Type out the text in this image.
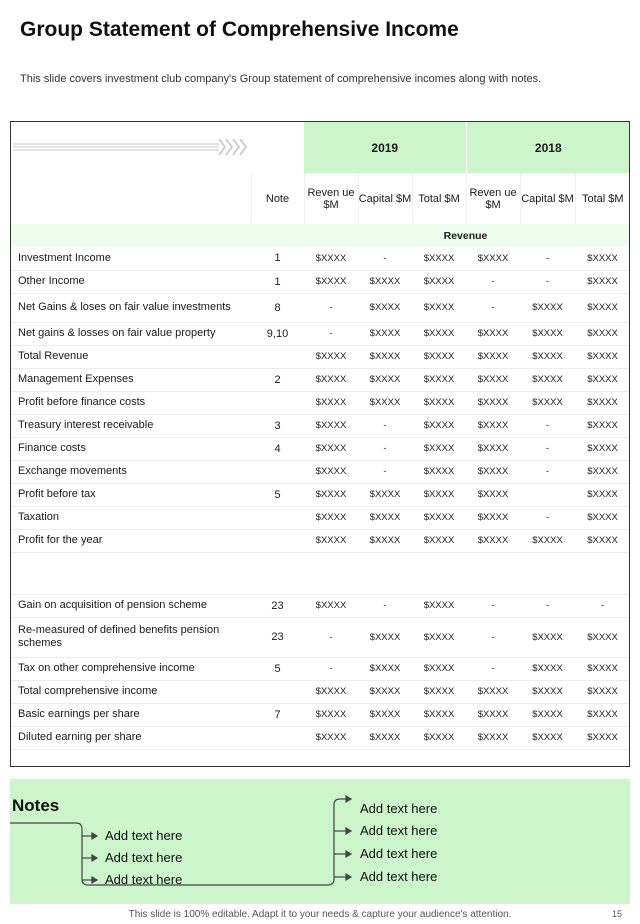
Group Statement of Comprehensive Income

This slide covers investment club company's Group statement of comprehensive incomes along with notes.

	2019			2018		
	Note	Reven ue $M	Capital $M	Total $M	Reven ue $M	Capital $M	Total $M
Revenue							
Investment Income	1	$XXXX	-	$XXXX	$XXXX	-	$XXXX
Other Income	1	$XXXX	$XXXX	$XXXX	-	-	$XXXX
Net Gains & loses on fair value investments	8	-	$XXXX	$XXXX	-	$XXXX	$XXXX
Net gains & losses on fair value property	9,10	-	$XXXX	$XXXX	$XXXX	$XXXX	$XXXX
Total Revenue		$XXXX	$XXXX	$XXXX	$XXXX	$XXXX	$XXXX
Management Expenses	2	$XXXX	$XXXX	$XXXX	$XXXX	$XXXX	$XXXX
Profit before finance costs		$XXXX	$XXXX	$XXXX	$XXXX	$XXXX	$XXXX
Treasury interest receivable	3	$XXXX	-	$XXXX	$XXXX	-	$XXXX
Finance costs	4	$XXXX	-	$XXXX	$XXXX	-	$XXXX
Exchange movements		$XXXX	-	$XXXX	$XXXX	-	$XXXX
Profit before tax	5	$XXXX	$XXXX	$XXXX	$XXXX		$XXXX
Taxation		$XXXX	$XXXX	$XXXX	$XXXX	-	$XXXX
Profit for the year		$XXXX	$XXXX	$XXXX	$XXXX	$XXXX	$XXXX

Gain on acquisition of pension scheme	23	$XXXX	-	$XXXX	-	-	-
Re-measured of defined benefits pension schemes	23	-	$XXXX	$XXXX	-	$XXXX	$XXXX
Tax on other comprehensive income	5	-	$XXXX	$XXXX	-	$XXXX	$XXXX
Total comprehensive income		$XXXX	$XXXX	$XXXX	$XXXX	$XXXX	$XXXX
Basic earnings per share	7	$XXXX	$XXXX	$XXXX	$XXXX	$XXXX	$XXXX
Diluted earning per share		$XXXX	$XXXX	$XXXX	$XXXX	$XXXX	$XXXX
Notes
Add text here
Add text here
Add text here
Add text here
Add text here
Add text here
Add text here
This slide is 100% editable. Adapt it to your needs & capture your audience's attention.	15
